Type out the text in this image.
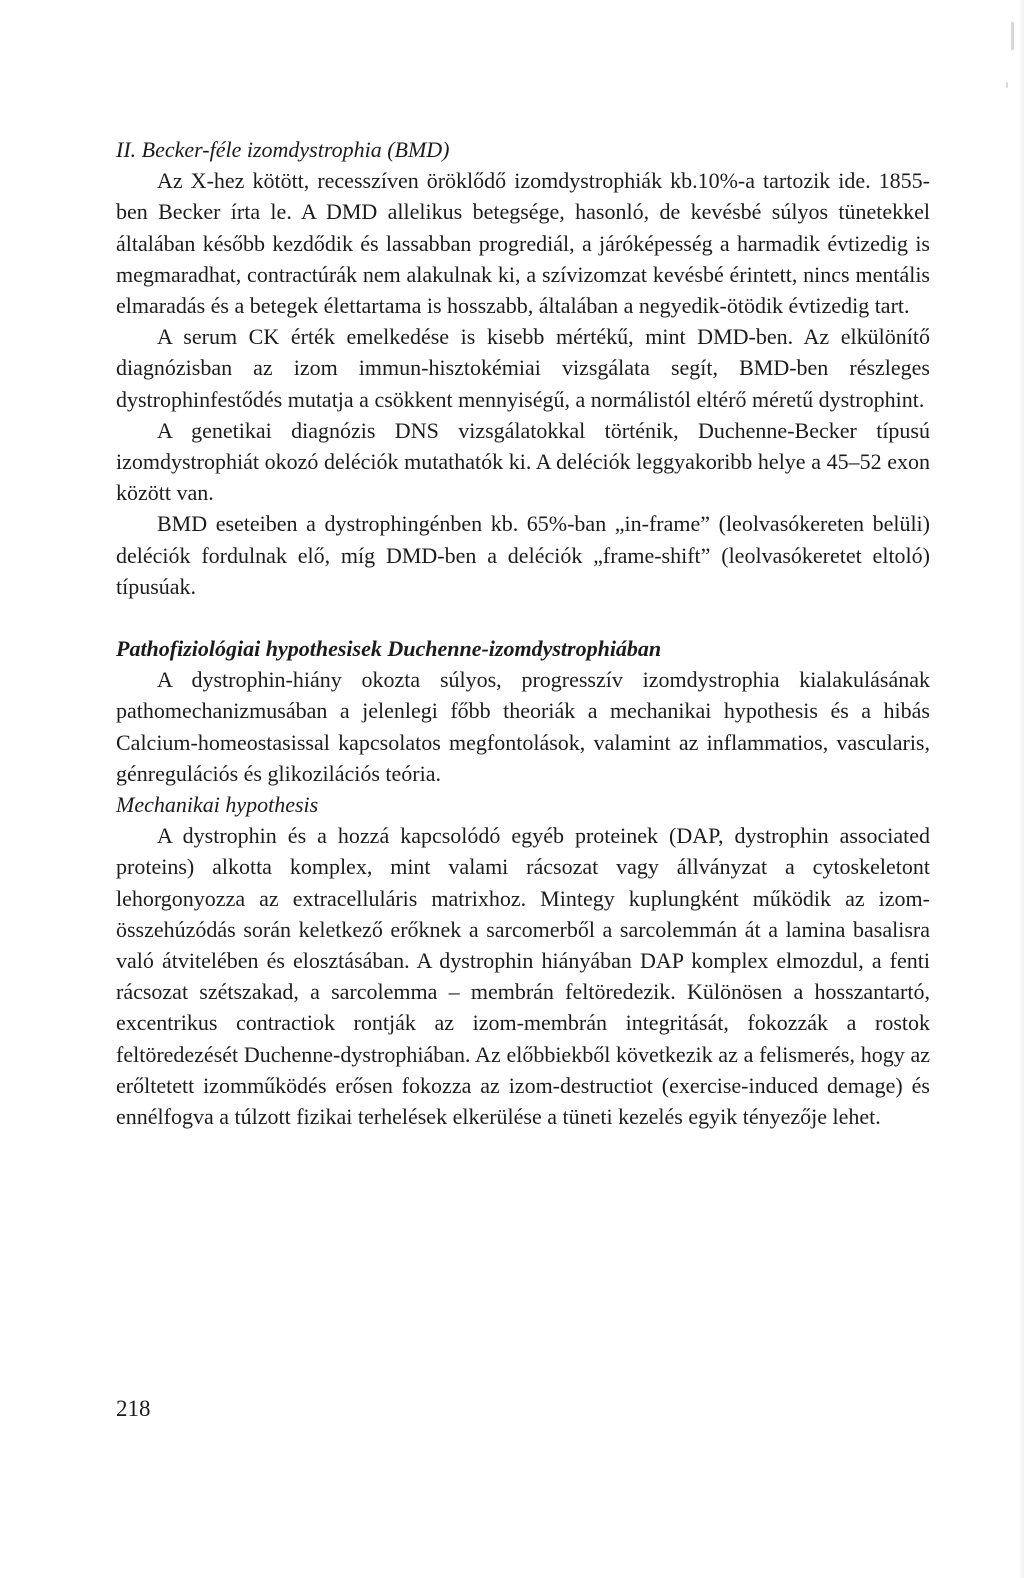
II. Becker-féle izomdystrophia (BMD)

Az X-hez kötött, recesszíven öröklődő izomdystrophiák kb.10%-a tartozik ide. 1855-ben Becker írta le. A DMD allelikus betegsége, hasonló, de kevésbé súlyos tünetekkel általában később kezdődik és lassabban progrediál, a járóképesség a harmadik évtizedig is megmaradhat, contractúrák nem alakulnak ki, a szívizomzat kevésbé érintett, nincs mentális elmaradás és a betegek élettartama is hosszabb, általában a negyedik-ötödik évtizedig tart.

A serum CK érték emelkedése is kisebb mértékű, mint DMD-ben. Az elkülönítő diagnózisban az izom immun-hisztokémiai vizsgálata segít, BMD-ben részleges dystrophinfestődés mutatja a csökkent mennyiségű, a normálistól eltérő méretű dystrophint.

A genetikai diagnózis DNS vizsgálatokkal történik, Duchenne-Becker típusú izomdystrophiát okozó deléciók mutathatók ki. A deléciók leggyakoribb helye a 45–52 exon között van.

BMD eseteiben a dystrophingénben kb. 65%-ban „in-frame” (leolvasókereten belüli) deléciók fordulnak elő, míg DMD-ben a deléciók „frame-shift” (leolvasókeretet eltoló) típusúak.

Pathofiziológiai hypothesisek Duchenne-izomdystrophiában

A dystrophin-hiány okozta súlyos, progresszív izomdystrophia kialakulásának pathomechanizmusában a jelenlegi főbb theoriák a mechanikai hypothesis és a hibás Calcium-homeostasissal kapcsolatos megfontolások, valamint az inflammatios, vascularis, génregulációs és glikozilációs teória.

Mechanikai hypothesis

A dystrophin és a hozzá kapcsolódó egyéb proteinek (DAP, dystrophin associated proteins) alkotta komplex, mint valami rácsozat vagy állványzat a cytoskeletont lehorgonyozza az extracelluláris matrixhoz. Mintegy kuplungként működik az izom-összehúzódás során keletkező erőknek a sarcomerből a sarcolemmán át a lamina basalisra való átvitelében és elosztásában. A dystrophin hiányában DAP komplex elmozdul, a fenti rácsozat szétszakad, a sarcolemma – membrán feltöredezik. Különösen a hosszantartó, excentrikus contractiok rontják az izom-membrán integritását, fokozzák a rostok feltöredezését Duchenne-dystrophiában. Az előbbiekből következik az a felismerés, hogy az erőltetett izomműködés erősen fokozza az izom-destructiot (exercise-induced demage) és ennélfogva a túlzott fizikai terhelések elkerülése a tüneti kezelés egyik tényezője lehet.

218
